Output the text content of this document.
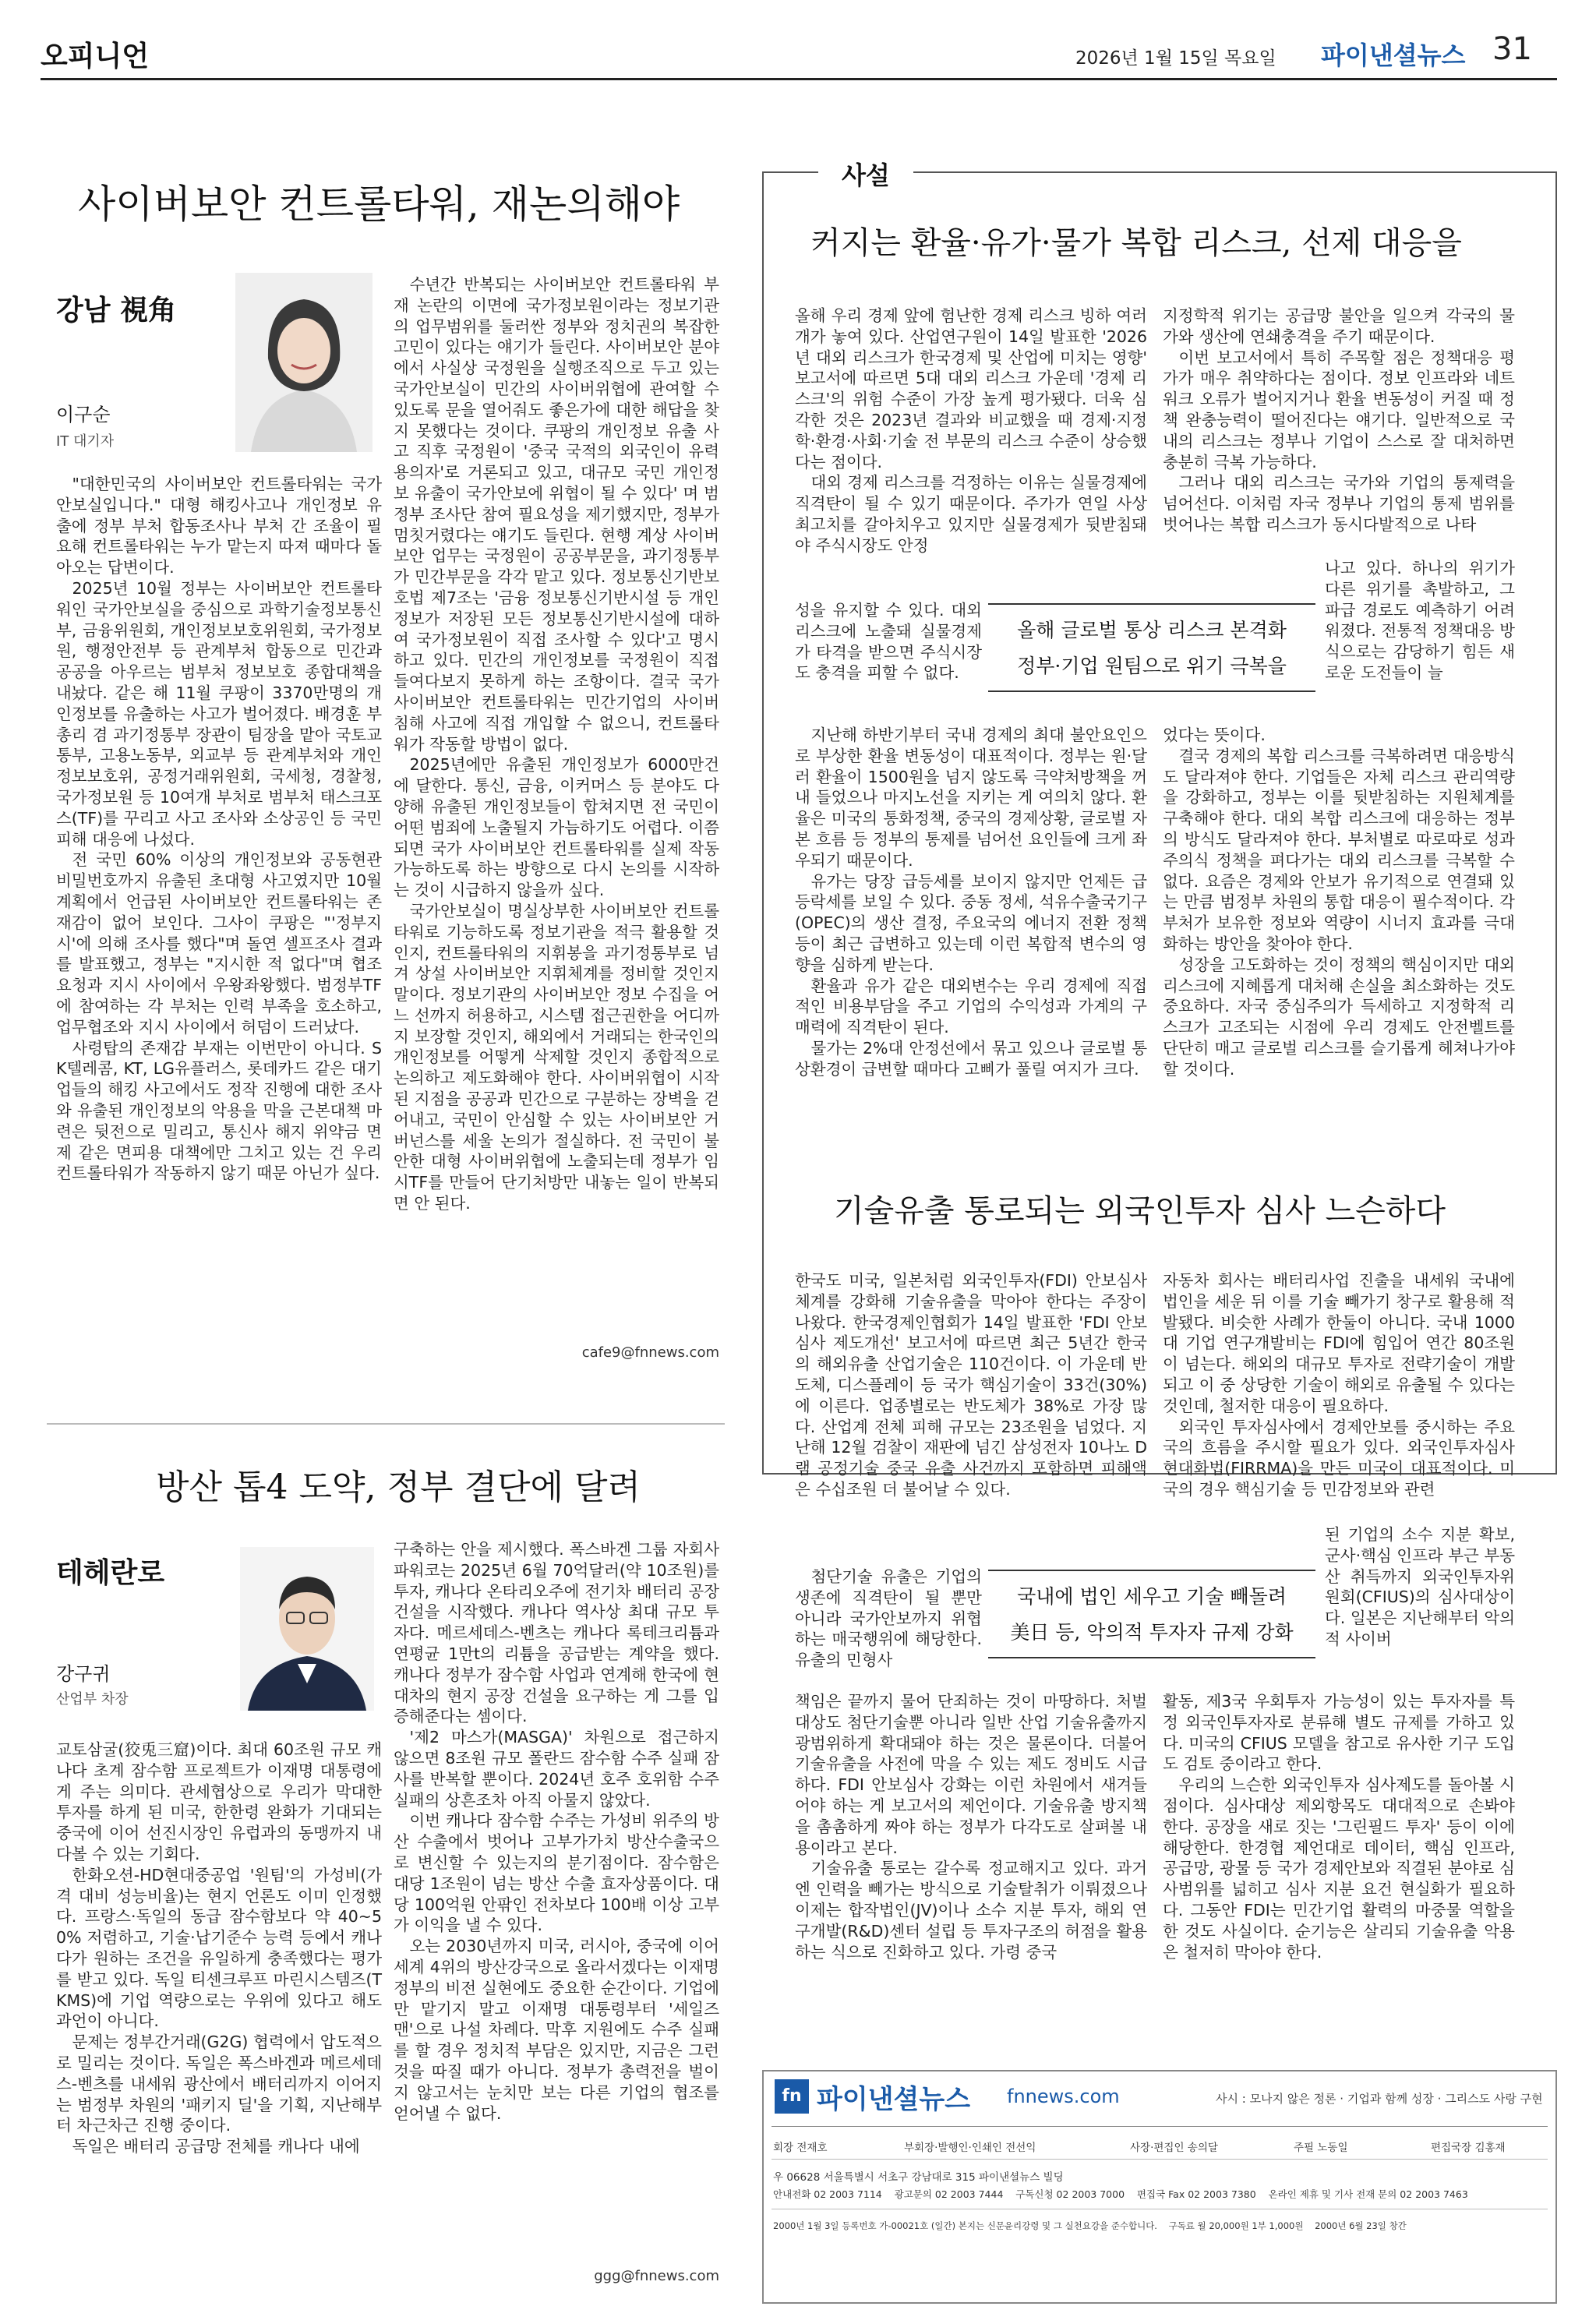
오피니언	2026년 1월 15일 목요일 파이낸셜뉴스 31
사이버보안 컨트롤타워, 재논의해야
강남 視角
이구순
IT 대기자

"대한민국의 사이버보안 컨트롤타워는 국가안보실입니다." 대형 해킹사고나 개인정보 유출에 정부 부처 합동조사나 부처 간 조율이 필요해 컨트롤타워는 누가 맡는지 따져 때마다 돌아오는 답변이다.

2025년 10월 정부는 사이버보안 컨트롤타워인 국가안보실을 중심으로 과학기술정보통신부, 금융위원회, 개인정보보호위원회, 국가정보원, 행정안전부 등 관계부처 합동으로 민간과 공공을 아우르는 범부처 정보보호 종합대책을 내놨다. 같은 해 11월 쿠팡이 3370만명의 개인정보를 유출하는 사고가 벌어졌다. 배경훈 부총리 겸 과기정통부 장관이 팀장을 맡아 국토교통부, 고용노동부, 외교부 등 관계부처와 개인정보보호위, 공정거래위원회, 국세청, 경찰청, 국가정보원 등 10여개 부처로 범부처 태스크포스(TF)를 꾸리고 사고 조사와 소상공인 등 국민피해 대응에 나섰다.

전 국민 60% 이상의 개인정보와 공동현관 비밀번호까지 유출된 초대형 사고였지만 10월 계획에서 언급된 사이버보안 컨트롤타워는 존재감이 없어 보인다. 그사이 쿠팡은 "'정부지시'에 의해 조사를 했다"며 돌연 셀프조사 결과를 발표했고, 정부는 "지시한 적 없다"며 협조요청과 지시 사이에서 우왕좌왕했다. 범정부TF에 참여하는 각 부처는 인력 부족을 호소하고, 업무협조와 지시 사이에서 허덤이 드러났다.

사령탑의 존재감 부재는 이번만이 아니다. SK텔레콤, KT, LG유플러스, 롯데카드 같은 대기업들의 해킹 사고에서도 정작 진행에 대한 조사와 유출된 개인정보의 악용을 막을 근본대책 마련은 뒷전으로 밀리고, 통신사 해지 위약금 면제 같은 면피용 대책에만 그치고 있는 건 우리 컨트롤타워가 작동하지 않기 때문 아닌가 싶다.

수년간 반복되는 사이버보안 컨트롤타워 부재 논란의 이면에 국가정보원이라는 정보기관의 업무범위를 둘러싼 정부와 정치권의 복잡한 고민이 있다는 얘기가 들린다. 사이버보안 분야에서 사실상 국정원을 실행조직으로 두고 있는 국가안보실이 민간의 사이버위협에 관여할 수 있도록 문을 열어줘도 좋은가에 대한 해답을 찾지 못했다는 것이다. 쿠팡의 개인정보 유출 사고 직후 국정원이 '중국 국적의 외국인이 유력 용의자'로 거론되고 있고, 대규모 국민 개인정보 유출이 국가안보에 위협이 될 수 있다' 며 범정부 조사단 참여 필요성을 제기했지만, 정부가 멈칫거렸다는 얘기도 들린다. 현행 계상 사이버보안 업무는 국정원이 공공부문을, 과기정통부가 민간부문을 각각 맡고 있다. 정보통신기반보호법 제7조는 '금융 정보통신기반시설 등 개인정보가 저장된 모든 정보통신기반시설에 대하여 국가정보원이 직접 조사할 수 있다'고 명시하고 있다. 민간의 개인정보를 국정원이 직접 들여다보지 못하게 하는 조항이다. 결국 국가 사이버보안 컨트롤타워는 민간기업의 사이버 침해 사고에 직접 개입할 수 없으니, 컨트롤타워가 작동할 방법이 없다.

2025년에만 유출된 개인정보가 6000만건에 달한다. 통신, 금융, 이커머스 등 분야도 다양해 유출된 개인정보들이 합쳐지면 전 국민이 어떤 범죄에 노출될지 가늠하기도 어렵다. 이쯤 되면 국가 사이버보안 컨트롤타워를 실제 작동 가능하도록 하는 방향으로 다시 논의를 시작하는 것이 시급하지 않을까 싶다.

국가안보실이 명실상부한 사이버보안 컨트롤타워로 기능하도록 정보기관을 적극 활용할 것인지, 컨트롤타워의 지휘봉을 과기정통부로 넘겨 상설 사이버보안 지휘체계를 정비할 것인지 말이다. 정보기관의 사이버보안 정보 수집을 어느 선까지 허용하고, 시스템 접근권한을 어디까지 보장할 것인지, 해외에서 거래되는 한국인의 개인정보를 어떻게 삭제할 것인지 종합적으로 논의하고 제도화해야 한다. 사이버위협이 시작된 지점을 공공과 민간으로 구분하는 장벽을 걷어내고, 국민이 안심할 수 있는 사이버보안 거버넌스를 세울 논의가 절실하다. 전 국민이 불안한 대형 사이버위협에 노출되는데 정부가 임시TF를 만들어 단기처방만 내놓는 일이 반복되면 안 된다.

cafe9@fnnews.com
방산 톱4 도약, 정부 결단에 달려
테헤란로
강구귀
산업부 차장

교토삼굴(狡兎三窟)이다. 최대 60조원 규모 캐나다 초계 잠수함 프로젝트가 이재명 대통령에게 주는 의미다. 관세협상으로 우리가 막대한 투자를 하게 된 미국, 한한령 완화가 기대되는 중국에 이어 선진시장인 유럽과의 동맹까지 내다볼 수 있는 기회다.

한화오션-HD현대중공업 '원팀'의 가성비(가격 대비 성능비율)는 현지 언론도 이미 인정했다. 프랑스·독일의 동급 잠수함보다 약 40~50% 저렴하고, 기술·납기준수 능력 등에서 캐나다가 원하는 조건을 유일하게 충족했다는 평가를 받고 있다. 독일 티센크루프 마린시스템즈(TKMS)에 기업 역량으로는 우위에 있다고 해도 과언이 아니다.

문제는 정부간거래(G2G) 협력에서 압도적으로 밀리는 것이다. 독일은 폭스바겐과 메르세데스-벤츠를 내세워 광산에서 배터리까지 이어지는 범정부 차원의 '패키지 딜'을 기획, 지난해부터 차근차근 진행 중이다.

독일은 배터리 공급망 전체를 캐나다 내에

구축하는 안을 제시했다. 폭스바겐 그룹 자회사 파워코는 2025년 6월 70억달러(약 10조원)를 투자, 캐나다 온타리오주에 전기차 배터리 공장 건설을 시작했다. 캐나다 역사상 최대 규모 투자다. 메르세데스-벤츠는 캐나다 록테크리튬과 연평균 1만t의 리튬을 공급받는 계약을 했다. 캐나다 정부가 잠수함 사업과 연계해 한국에 현대차의 현지 공장 건설을 요구하는 게 그를 입증해준다는 셈이다.

'제2 마스가(MASGA)' 차원으로 접근하지 않으면 8조원 규모 폴란드 잠수함 수주 실패 잠사를 반복할 뿐이다. 2024년 호주 호위함 수주 실패의 상흔조차 아직 아물지 않았다.

이번 캐나다 잠수함 수주는 가성비 위주의 방산 수출에서 벗어나 고부가가치 방산수출국으로 변신할 수 있는지의 분기점이다. 잠수함은 대당 1조원이 넘는 방산 수출 효자상품이다. 대당 100억원 안팎인 전차보다 100배 이상 고부가 이익을 낼 수 있다.

오는 2030년까지 미국, 러시아, 중국에 이어 세계 4위의 방산강국으로 올라서겠다는 이재명 정부의 비전 실현에도 중요한 순간이다. 기업에만 맡기지 말고 이재명 대통령부터 '세일즈맨'으로 나설 차례다. 막후 지원에도 수주 실패를 할 경우 정치적 부담은 있지만, 지금은 그런 것을 따질 때가 아니다. 정부가 총력전을 벌이지 않고서는 눈치만 보는 다른 기업의 협조를 얻어낼 수 없다.

ggg@fnnews.com
사설
커지는 환율·유가·물가 복합 리스크, 선제 대응을

올해 우리 경제 앞에 험난한 경제 리스크 빙하 여러 개가 놓여 있다. 산업연구원이 14일 발표한 '2026년 대외 리스크가 한국경제 및 산업에 미치는 영향' 보고서에 따르면 5대 대외 리스크 가운데 '경제 리스크'의 위험 수준이 가장 높게 평가됐다. 더욱 심각한 것은 2023년 결과와 비교했을 때 경제·지정학·환경·사회·기술 전 부문의 리스크 수준이 상승했다는 점이다.

대외 경제 리스크를 걱정하는 이유는 실물경제에 직격탄이 될 수 있기 때문이다. 주가가 연일 사상 최고치를 갈아치우고 있지만 실물경제가 뒷받침돼야 주식시장도 안정

성을 유지할 수 있다. 대외 리스크에 노출돼 실물경제가 타격을 받으면 주식시장도 충격을 피할 수 없다.

지난해 하반기부터 국내 경제의 최대 불안요인으로 부상한 환율 변동성이 대표적이다. 정부는 원·달러 환율이 1500원을 넘지 않도록 극약처방책을 꺼내 들었으나 마지노선을 지키는 게 여의치 않다. 환율은 미국의 통화정책, 중국의 경제상황, 글로벌 자본 흐름 등 정부의 통제를 넘어선 요인들에 크게 좌우되기 때문이다.

유가는 당장 급등세를 보이지 않지만 언제든 급등락세를 보일 수 있다. 중동 정세, 석유수출국기구(OPEC)의 생산 결정, 주요국의 에너지 전환 정책 등이 최근 급변하고 있는데 이런 복합적 변수의 영향을 심하게 받는다.

환율과 유가 같은 대외변수는 우리 경제에 직접적인 비용부담을 주고 기업의 수익성과 가계의 구매력에 직격탄이 된다.

물가는 2%대 안정선에서 묶고 있으나 글로벌 통상환경이 급변할 때마다 고삐가 풀릴 여지가 크다.

지정학적 위기는 공급망 불안을 일으켜 각국의 물가와 생산에 연쇄충격을 주기 때문이다.

이번 보고서에서 특히 주목할 점은 정책대응 평가가 매우 취약하다는 점이다. 정보 인프라와 네트워크 오류가 벌어지거나 환율 변동성이 커질 때 정책 완충능력이 떨어진다는 얘기다. 일반적으로 국내의 리스크는 정부나 기업이 스스로 잘 대처하면 충분히 극복 가능하다.

그러나 대외 리스크는 국가와 기업의 통제력을 넘어선다. 이처럼 자국 정부나 기업의 통제 범위를 벗어나는 복합 리스크가 동시다발적으로 나타

나고 있다. 하나의 위기가 다른 위기를 촉발하고, 그 파급 경로도 예측하기 어려워졌다. 전통적 정책대응 방식으로는 감당하기 힘든 새로운 도전들이 늘

었다는 뜻이다.

결국 경제의 복합 리스크를 극복하려면 대응방식도 달라져야 한다. 기업들은 자체 리스크 관리역량을 강화하고, 정부는 이를 뒷받침하는 지원체계를 구축해야 한다. 대외 복합 리스크에 대응하는 정부의 방식도 달라져야 한다. 부처별로 따로따로 성과주의식 정책을 펴다가는 대외 리스크를 극복할 수 없다. 요즘은 경제와 안보가 유기적으로 연결돼 있는 만큼 범정부 차원의 통합 대응이 필수적이다. 각 부처가 보유한 정보와 역량이 시너지 효과를 극대화하는 방안을 찾아야 한다.

성장을 고도화하는 것이 정책의 핵심이지만 대외 리스크에 지혜롭게 대처해 손실을 최소화하는 것도 중요하다. 자국 중심주의가 득세하고 지정학적 리스크가 고조되는 시점에 우리 경제도 안전벨트를 단단히 매고 글로벌 리스크를 슬기롭게 헤쳐나가야 할 것이다.

올해 글로벌 통상 리스크 본격화
정부·기업 원팀으로 위기 극복을
기술유출 통로되는 외국인투자 심사 느슨하다

한국도 미국, 일본처럼 외국인투자(FDI) 안보심사 체계를 강화해 기술유출을 막아야 한다는 주장이 나왔다. 한국경제인협회가 14일 발표한 'FDI 안보심사 제도개선' 보고서에 따르면 최근 5년간 한국의 해외유출 산업기술은 110건이다. 이 가운데 반도체, 디스플레이 등 국가 핵심기술이 33건(30%)에 이른다. 업종별로는 반도체가 38%로 가장 많다. 산업계 전체 피해 규모는 23조원을 넘었다. 지난해 12월 검찰이 재판에 넘긴 삼성전자 10나노 D램 공정기술 중국 유출 사건까지 포함하면 피해액은 수십조원 더 불어날 수 있다.

첨단기술 유출은 기업의 생존에 직격탄이 될 뿐만 아니라 국가안보까지 위협하는 매국행위에 해당한다. 유출의 민형사

책임은 끝까지 물어 단죄하는 것이 마땅하다. 처벌 대상도 첨단기술뿐 아니라 일반 산업 기술유출까지 광범위하게 확대돼야 하는 것은 물론이다. 더불어 기술유출을 사전에 막을 수 있는 제도 정비도 시급하다. FDI 안보심사 강화는 이런 차원에서 새겨들어야 하는 게 보고서의 제언이다. 기술유출 방지책을 촘촘하게 짜야 하는 정부가 다각도로 살펴볼 내용이라고 본다.

기술유출 통로는 갈수록 정교해지고 있다. 과거엔 인력을 빼가는 방식으로 기술탈취가 이뤄졌으나 이제는 합작법인(JV)이나 소수 지분 투자, 해외 연구개발(R&D)센터 설립 등 투자구조의 허점을 활용하는 식으로 진화하고 있다. 가령 중국

자동차 회사는 배터리사업 진출을 내세워 국내에 법인을 세운 뒤 이를 기술 빼가기 창구로 활용해 적발됐다. 비슷한 사례가 한둘이 아니다. 국내 1000대 기업 연구개발비는 FDI에 힘입어 연간 80조원이 넘는다. 해외의 대규모 투자로 전략기술이 개발되고 이 중 상당한 기술이 해외로 유출될 수 있다는 것인데, 철저한 대응이 필요하다.

외국인 투자심사에서 경제안보를 중시하는 주요국의 흐름을 주시할 필요가 있다. 외국인투자심사현대화법(FIRRMA)을 만든 미국이 대표적이다. 미국의 경우 핵심기술 등 민감정보와 관련

된 기업의 소수 지분 확보, 군사·핵심 인프라 부근 부동산 취득까지 외국인투자위원회(CFIUS)의 심사대상이다. 일본은 지난해부터 악의적 사이버

활동, 제3국 우회투자 가능성이 있는 투자자를 특정 외국인투자자로 분류해 별도 규제를 가하고 있다. 미국의 CFIUS 모델을 참고로 유사한 기구 도입도 검토 중이라고 한다.

우리의 느슨한 외국인투자 심사제도를 돌아볼 시점이다. 심사대상 제외항목도 대대적으로 손봐야 한다. 공장을 새로 짓는 '그린필드 투자' 등이 이에 해당한다. 한경협 제언대로 데이터, 핵심 인프라, 공급망, 광물 등 국가 경제안보와 직결된 분야로 심사범위를 넓히고 심사 지분 요건 현실화가 필요하다. 그동안 FDI는 민간기업 활력의 마중물 역할을 한 것도 사실이다. 순기능은 살리되 기술유출 악용은 철저히 막아야 한다.

국내에 법인 세우고 기술 빼돌려
美日 등, 악의적 투자자 규제 강화
fn 파이낸셜뉴스 fnnews.com	사시 : 모나지 않은 정론 · 기업과 함께 성장 · 그리스도 사랑 구현
회장 전재호	부회장·발행인·인쇄인 전선익	사장·편집인 송의달	주필 노동일	편집국장 김홍재
우 06628 서울특별시 서초구 강남대로 315 파이낸셜뉴스 빌딩
안내전화 02 2003 7114    광고문의 02 2003 7444    구독신청 02 2003 7000    편집국 Fax 02 2003 7380    온라인 제휴 및 기사 전재 문의 02 2003 7463
2000년 1월 3일 등록번호 가-00021호 (일간) 본지는 신문윤리강령 및 그 실천요강을 준수합니다.    구독료 월 20,000원 1부 1,000원    2000년 6월 23일 창간
